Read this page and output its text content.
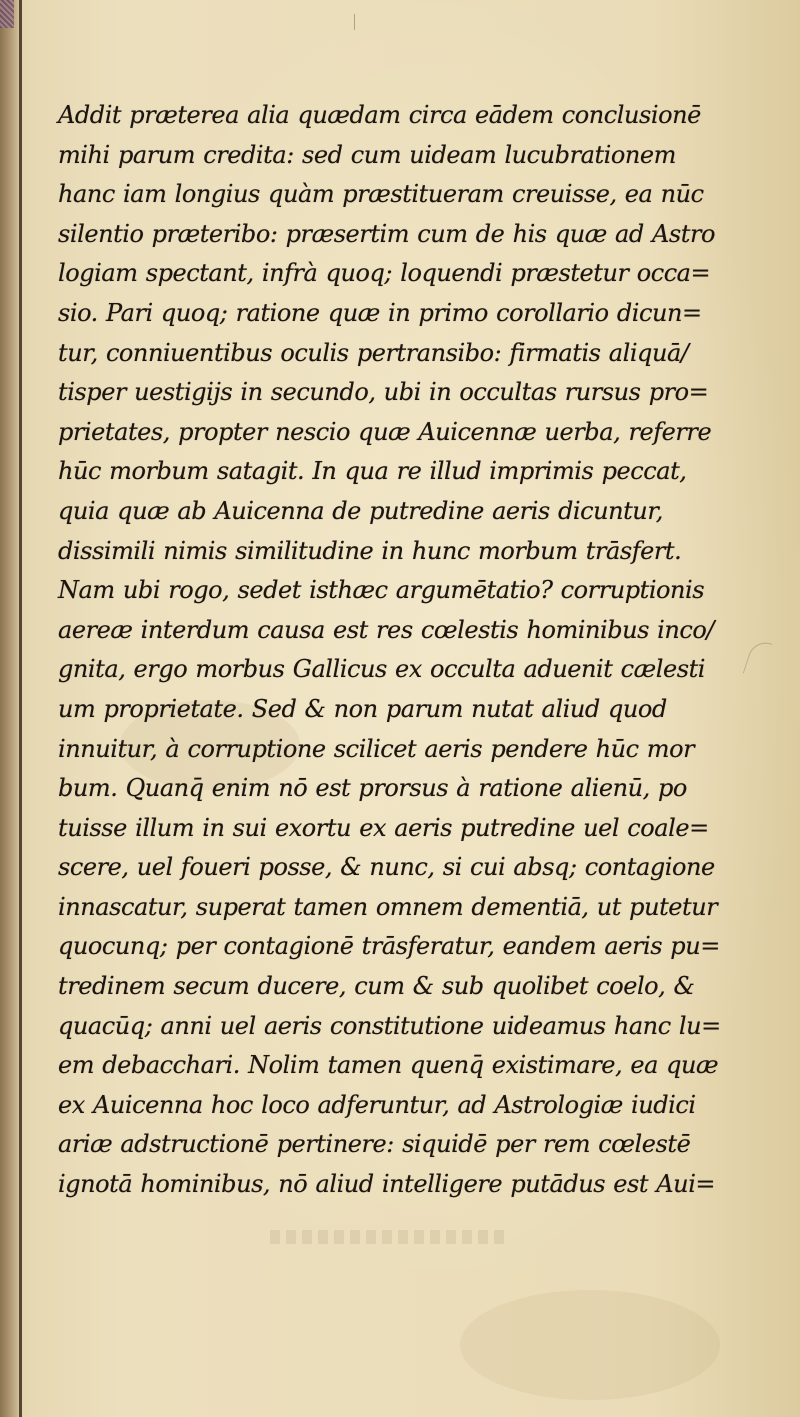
Addit præterea alia quædam circa eādem conclusionē
mihi parum credita: sed cum uideam lucubrationem
hanc iam longius quàm præstitueram creuisse, ea nūc
silentio præteribo: præsertim cum de his quæ ad Astro
logiam spectant, infrà quoq; loquendi præstetur occa=
sio. Pari quoq; ratione quæ in primo corollario dicun=
tur, conniuentibus oculis pertransibo: firmatis aliquā/
tisper uestigijs in secundo, ubi in occultas rursus pro=
prietates, propter nescio quæ Auicennæ uerba, referre
hūc morbum satagit. In qua re illud imprimis peccat,
quia quæ ab Auicenna de putredine aeris dicuntur,
dissimili nimis similitudine in hunc morbum trāsfert.
Nam ubi rogo, sedet isthæc argumētatio? corruptionis
aereæ interdum causa est res cœlestis hominibus inco/
gnita, ergo morbus Gallicus ex occulta aduenit cælesti
um proprietate. Sed & non parum nutat aliud quod
innuitur, à corruptione scilicet aeris pendere hūc mor
bum. Quanq̄ enim nō est prorsus à ratione alienū, po
tuisse illum in sui exortu ex aeris putredine uel coale=
scere, uel foueri posse, & nunc, si cui absq; contagione
innascatur, superat tamen omnem dementiā, ut putetur
quocunq; per contagionē trāsferatur, eandem aeris pu=
tredinem secum ducere, cum & sub quolibet coelo, &
quacūq; anni uel aeris constitutione uideamus hanc lu=
em debacchari. Nolim tamen quenq̄ existimare, ea quæ
ex Auicenna hoc loco adferuntur, ad Astrologiæ iudici
ariæ adstructionē pertinere: siquidē per rem cœlestē
ignotā hominibus, nō aliud intelligere putādus est Aui=
